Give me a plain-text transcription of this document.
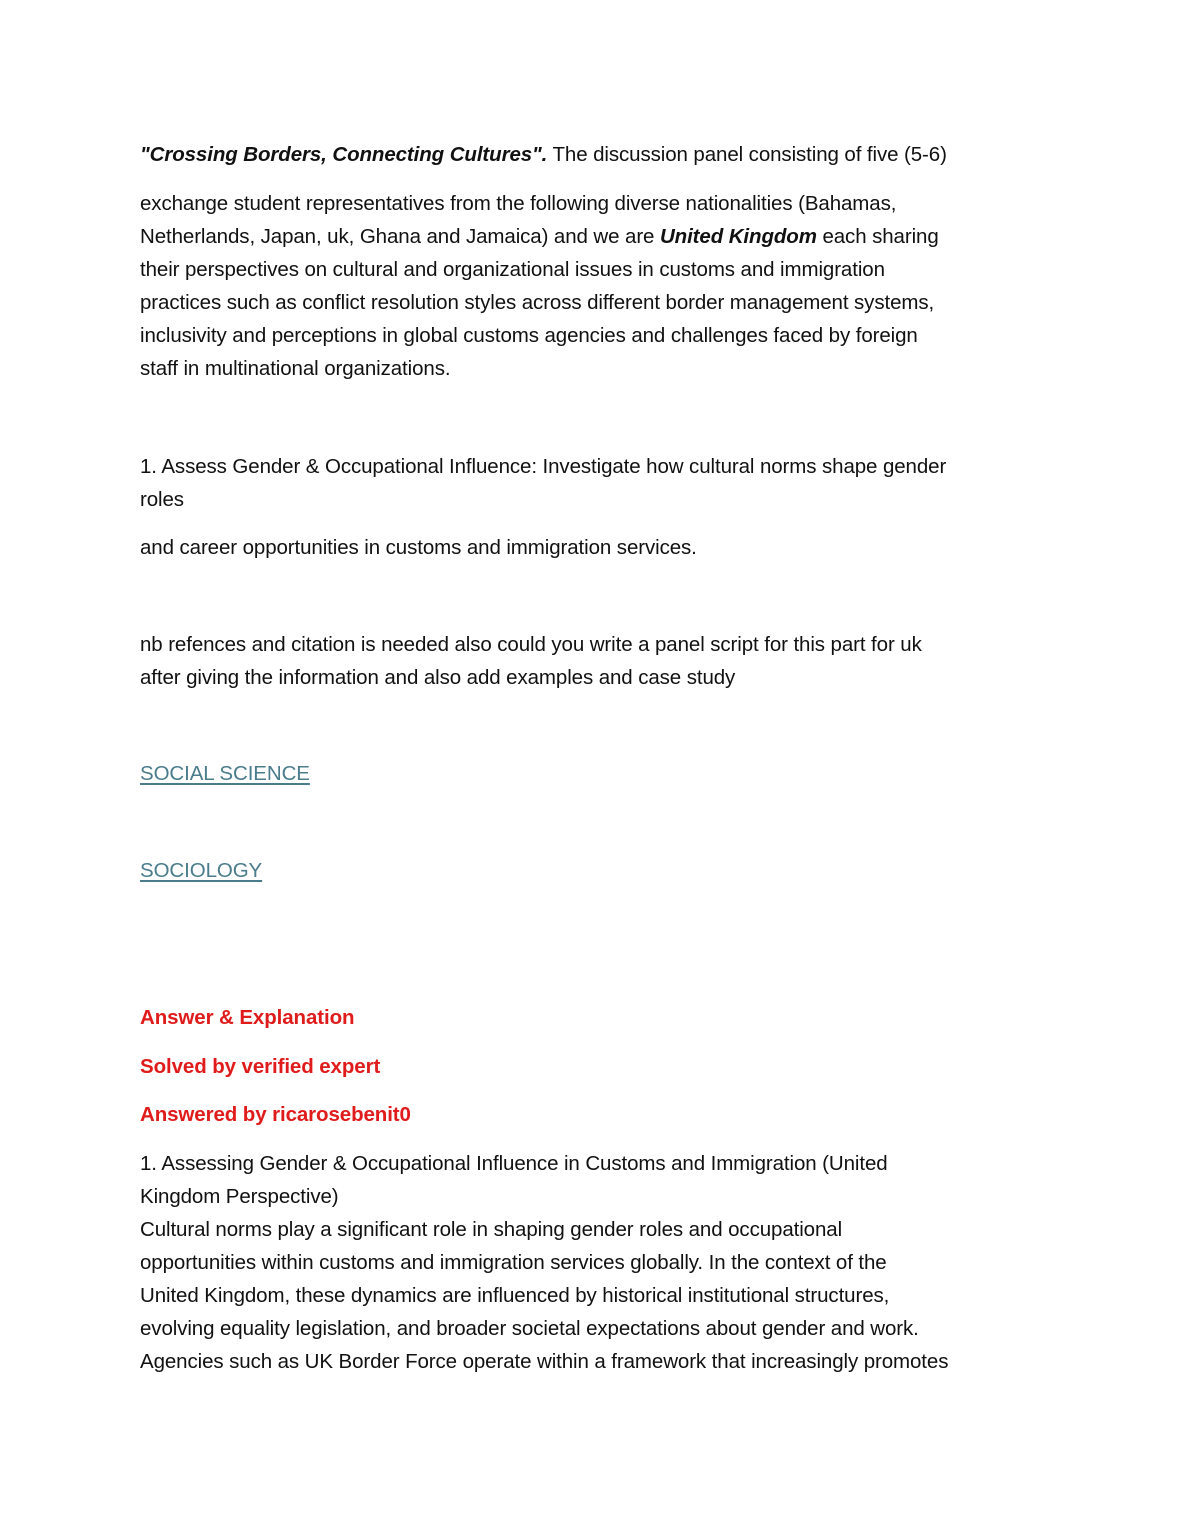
"Crossing Borders, Connecting Cultures". The discussion panel consisting of five (5-6)
exchange student representatives from the following diverse nationalities (Bahamas,
Netherlands, Japan, uk, Ghana and Jamaica) and we are United Kingdom each sharing
their perspectives on cultural and organizational issues in customs and immigration
practices such as conflict resolution styles across different border management systems,
inclusivity and perceptions in global customs agencies and challenges faced by foreign
staff in multinational organizations.
1. Assess Gender & Occupational Influence: Investigate how cultural norms shape gender
roles
and career opportunities in customs and immigration services.
nb refences and citation is needed also could you write a panel script for this part for uk
after giving the information and also add examples and case study
SOCIAL SCIENCE
SOCIOLOGY
Answer & Explanation
Solved by verified expert
Answered by ricarosebenit0
1. Assessing Gender & Occupational Influence in Customs and Immigration (United
Kingdom Perspective)
Cultural norms play a significant role in shaping gender roles and occupational
opportunities within customs and immigration services globally. In the context of the
United Kingdom, these dynamics are influenced by historical institutional structures,
evolving equality legislation, and broader societal expectations about gender and work.
Agencies such as UK Border Force operate within a framework that increasingly promotes
